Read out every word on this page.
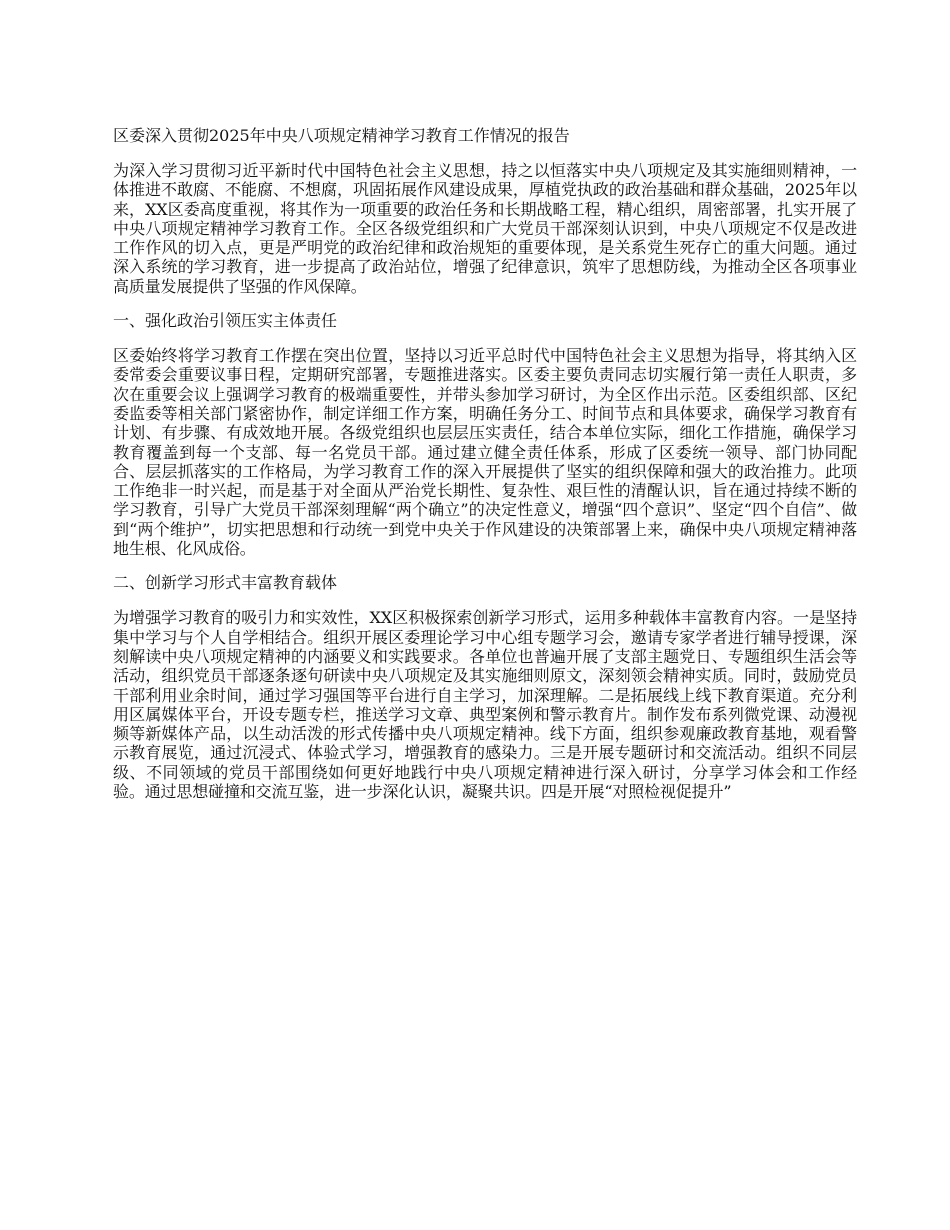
区委深入贯彻2025年中央八项规定精神学习教育工作情况的报告

为深入学习贯彻习近平新时代中国特色社会主义思想，持之以恒落实中央八项规定及其实施细则精神，一体推进不敢腐、不能腐、不想腐，巩固拓展作风建设成果，厚植党执政的政治基础和群众基础，2025年以来，XX区委高度重视，将其作为一项重要的政治任务和长期战略工程，精心组织，周密部署，扎实开展了中央八项规定精神学习教育工作。全区各级党组织和广大党员干部深刻认识到，中央八项规定不仅是改进工作作风的切入点，更是严明党的政治纪律和政治规矩的重要体现，是关系党生死存亡的重大问题。通过深入系统的学习教育，进一步提高了政治站位，增强了纪律意识，筑牢了思想防线，为推动全区各项事业高质量发展提供了坚强的作风保障。

一、强化政治引领压实主体责任

区委始终将学习教育工作摆在突出位置，坚持以习近平总时代中国特色社会主义思想为指导，将其纳入区委常委会重要议事日程，定期研究部署，专题推进落实。区委主要负责同志切实履行第一责任人职责，多次在重要会议上强调学习教育的极端重要性，并带头参加学习研讨，为全区作出示范。区委组织部、区纪委监委等相关部门紧密协作，制定详细工作方案，明确任务分工、时间节点和具体要求，确保学习教育有计划、有步骤、有成效地开展。各级党组织也层层压实责任，结合本单位实际，细化工作措施，确保学习教育覆盖到每一个支部、每一名党员干部。通过建立健全责任体系，形成了区委统一领导、部门协同配合、层层抓落实的工作格局，为学习教育工作的深入开展提供了坚实的组织保障和强大的政治推力。此项工作绝非一时兴起，而是基于对全面从严治党长期性、复杂性、艰巨性的清醒认识，旨在通过持续不断的学习教育，引导广大党员干部深刻理解“两个确立”的决定性意义，增强“四个意识”、坚定“四个自信”、做到“两个维护”，切实把思想和行动统一到党中央关于作风建设的决策部署上来，确保中央八项规定精神落地生根、化风成俗。

二、创新学习形式丰富教育载体

为增强学习教育的吸引力和实效性，XX区积极探索创新学习形式，运用多种载体丰富教育内容。一是坚持集中学习与个人自学相结合。组织开展区委理论学习中心组专题学习会，邀请专家学者进行辅导授课，深刻解读中央八项规定精神的内涵要义和实践要求。各单位也普遍开展了支部主题党日、专题组织生活会等活动，组织党员干部逐条逐句研读中央八项规定及其实施细则原文，深刻领会精神实质。同时，鼓励党员干部利用业余时间，通过学习强国等平台进行自主学习，加深理解。二是拓展线上线下教育渠道。充分利用区属媒体平台，开设专题专栏，推送学习文章、典型案例和警示教育片。制作发布系列微党课、动漫视频等新媒体产品，以生动活泼的形式传播中央八项规定精神。线下方面，组织参观廉政教育基地，观看警示教育展览，通过沉浸式、体验式学习，增强教育的感染力。三是开展专题研讨和交流活动。组织不同层级、不同领域的党员干部围绕如何更好地践行中央八项规定精神进行深入研讨，分享学习体会和工作经验。通过思想碰撞和交流互鉴，进一步深化认识，凝聚共识。四是开展“对照检视促提升”
